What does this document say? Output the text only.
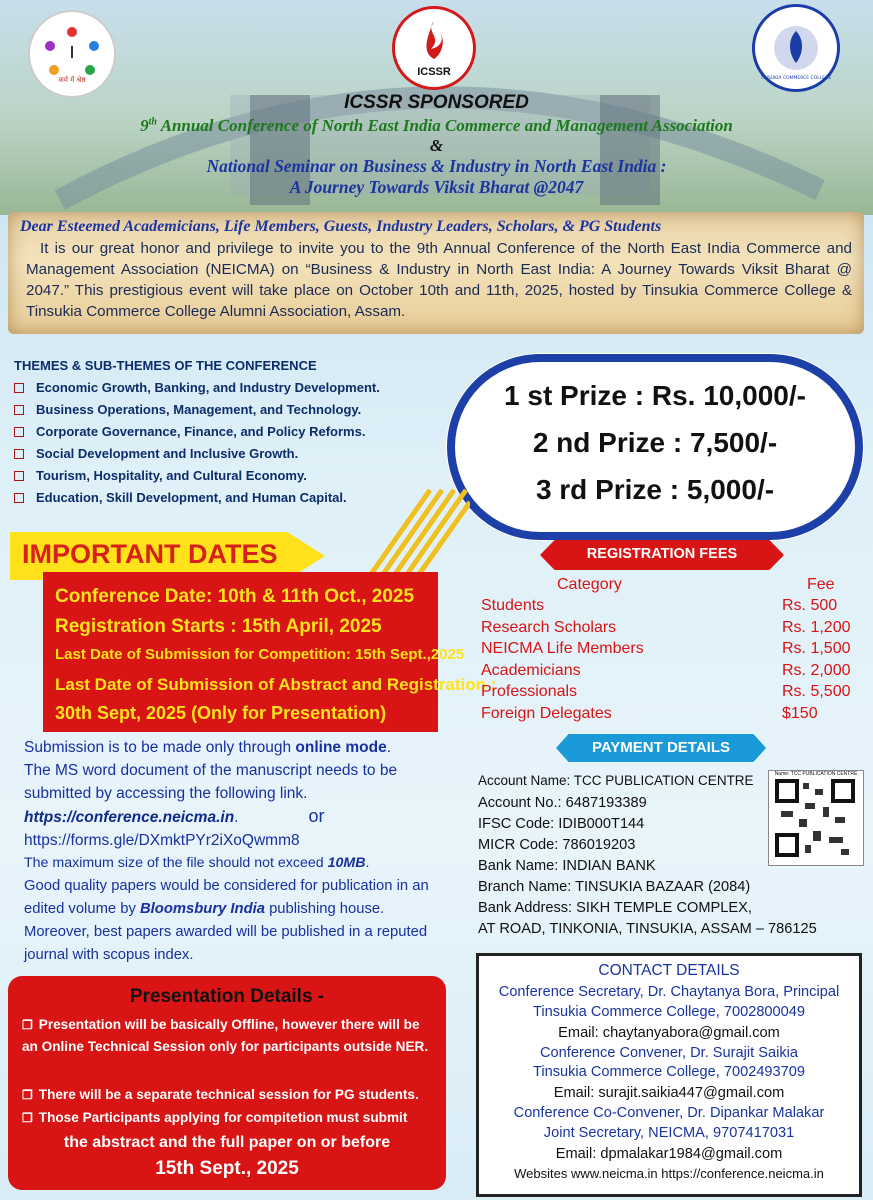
कर्म में श्रेष्ठ
ICSSR
TINSUKIA COMMERCE COLLEGE
ICSSR SPONSORED
9th Annual Conference of North East India Commerce and Management Association
&
National Seminar on Business & Industry in North East India :
A Journey Towards Viksit Bharat @2047
Dear Esteemed Academicians, Life Members, Guests, Industry Leaders, Scholars, & PG Students
It is our great honor and privilege to invite you to the 9th Annual Conference of the North East India Commerce and Management Association (NEICMA) on “Business & Industry in North East India: A Journey Towards Viksit Bharat @ 2047.” This prestigious event will take place on October 10th and 11th, 2025, hosted by Tinsukia Commerce College & Tinsukia Commerce College Alumni Association, Assam.
THEMES & SUB-THEMES OF THE CONFERENCE
Economic Growth, Banking, and Industry Development.
Business Operations, Management, and Technology.
Corporate Governance, Finance, and Policy Reforms.
Social Development and Inclusive Growth.
Tourism, Hospitality, and Cultural Economy.
Education, Skill Development, and Human Capital.
1 st Prize : Rs. 10,000/-
2 nd Prize : 7,500/-
3 rd Prize : 5,000/-
IMPORTANT DATES
Conference Date: 10th & 11th Oct., 2025
Registration Starts : 15th April, 2025
Last Date of Submission for Competition: 15th Sept.,2025
Last Date of Submission of Abstract and Registration :
30th Sept, 2025 (Only for Presentation)
Submission is to be made only through online mode.
The MS word document of the manuscript needs to be submitted by accessing the following link.
https://conference.neicma.in.	or
https://forms.gle/DXmktPYr2iXoQwmm8
The maximum size of the file should not exceed 10MB.
Good quality papers would be considered for publication in an edited volume by Bloomsbury India publishing house. Moreover, best papers awarded will be published in a reputed journal with scopus index.
Presentation Details -
❒ Presentation will be basically Offline, however there will be an Online Technical Session only for participants outside NER.
❒ There will be a separate technical session for PG students.
❒ Those Participants applying for compitetion must submit
the abstract and the full paper on or before
15th Sept., 2025
REGISTRATION FEES
Category	Fee
Students	Rs. 500
Research Scholars	Rs. 1,200
NEICMA Life Members	Rs. 1,500
Academicians	Rs. 2,000
Professionals	Rs. 5,500
Foreign Delegates	$150
PAYMENT DETAILS
Account Name: TCC PUBLICATION CENTRE
Account No.: 6487193389
IFSC Code: IDIB000T144
MICR Code: 786019203
Bank Name: INDIAN BANK
Branch Name: TINSUKIA BAZAAR (2084)
Bank Address: SIKH TEMPLE COMPLEX,
AT ROAD, TINKONIA, TINSUKIA, ASSAM – 786125
Name: TCC PUBLICATION CENTRE
CONTACT DETAILS
Conference Secretary, Dr. Chaytanya Bora, Principal
Tinsukia Commerce College, 7002800049
Email: chaytanyabora@gmail.com
Conference Convener, Dr. Surajit Saikia
Tinsukia Commerce College, 7002493709
Email: surajit.saikia447@gmail.com
Conference Co-Convener, Dr. Dipankar Malakar
Joint Secretary, NEICMA, 9707417031
Email: dpmalakar1984@gmail.com
Websites www.neicma.in https://conference.neicma.in
